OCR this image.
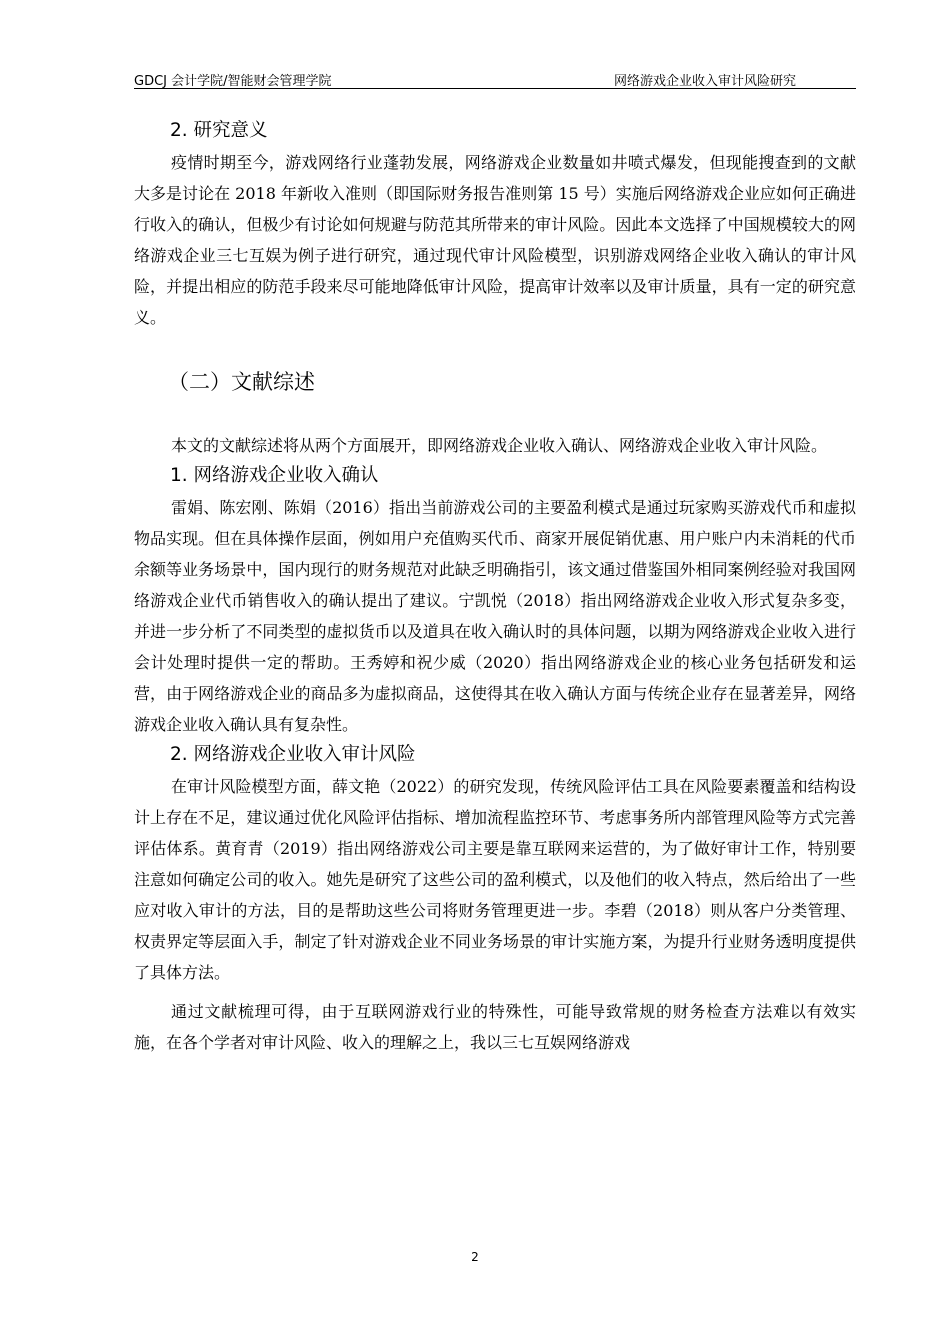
GDCJ 会计学院/智能财会管理学院	网络游戏企业收入审计风险研究
2. 研究意义

疫情时期至今，游戏网络行业蓬勃发展，网络游戏企业数量如井喷式爆发，但现能搜查到的文献大多是讨论在 2018 年新收入准则（即国际财务报告准则第 15 号）实施后网络游戏企业应如何正确进行收入的确认，但极少有讨论如何规避与防范其所带来的审计风险。因此本文选择了中国规模较大的网络游戏企业三七互娱为例子进行研究，通过现代审计风险模型，识别游戏网络企业收入确认的审计风险，并提出相应的防范手段来尽可能地降低审计风险，提高审计效率以及审计质量，具有一定的研究意义。

（二）文献综述

本文的文献综述将从两个方面展开，即网络游戏企业收入确认、网络游戏企业收入审计风险。

1. 网络游戏企业收入确认

雷娟、陈宏刚、陈娟（2016）指出当前游戏公司的主要盈利模式是通过玩家购买游戏代币和虚拟物品实现。但在具体操作层面，例如用户充值购买代币、商家开展促销优惠、用户账户内未消耗的代币余额等业务场景中，国内现行的财务规范对此缺乏明确指引，该文通过借鉴国外相同案例经验对我国网络游戏企业代币销售收入的确认提出了建议。宁凯悦（2018）指出网络游戏企业收入形式复杂多变，并进一步分析了不同类型的虚拟货币以及道具在收入确认时的具体问题，以期为网络游戏企业收入进行会计处理时提供一定的帮助。王秀婷和祝少威（2020）指出网络游戏企业的核心业务包括研发和运营，由于网络游戏企业的商品多为虚拟商品，这使得其在收入确认方面与传统企业存在显著差异，网络游戏企业收入确认具有复杂性。

2. 网络游戏企业收入审计风险

在审计风险模型方面，薛文艳（2022）的研究发现，传统风险评估工具在风险要素覆盖和结构设计上存在不足，建议通过优化风险评估指标、增加流程监控环节、考虑事务所内部管理风险等方式完善评估体系。黄育青（2019）指出网络游戏公司主要是靠互联网来运营的，为了做好审计工作，特别要注意如何确定公司的收入。她先是研究了这些公司的盈利模式，以及他们的收入特点，然后给出了一些应对收入审计的方法，目的是帮助这些公司将财务管理更进一步。李碧（2018）则从客户分类管理、权责界定等层面入手，制定了针对游戏企业不同业务场景的审计实施方案，为提升行业财务透明度提供了具体方法。

通过文献梳理可得，由于互联网游戏行业的特殊性，可能导致常规的财务检查方法难以有效实施，在各个学者对审计风险、收入的理解之上，我以三七互娱网络游戏

2
